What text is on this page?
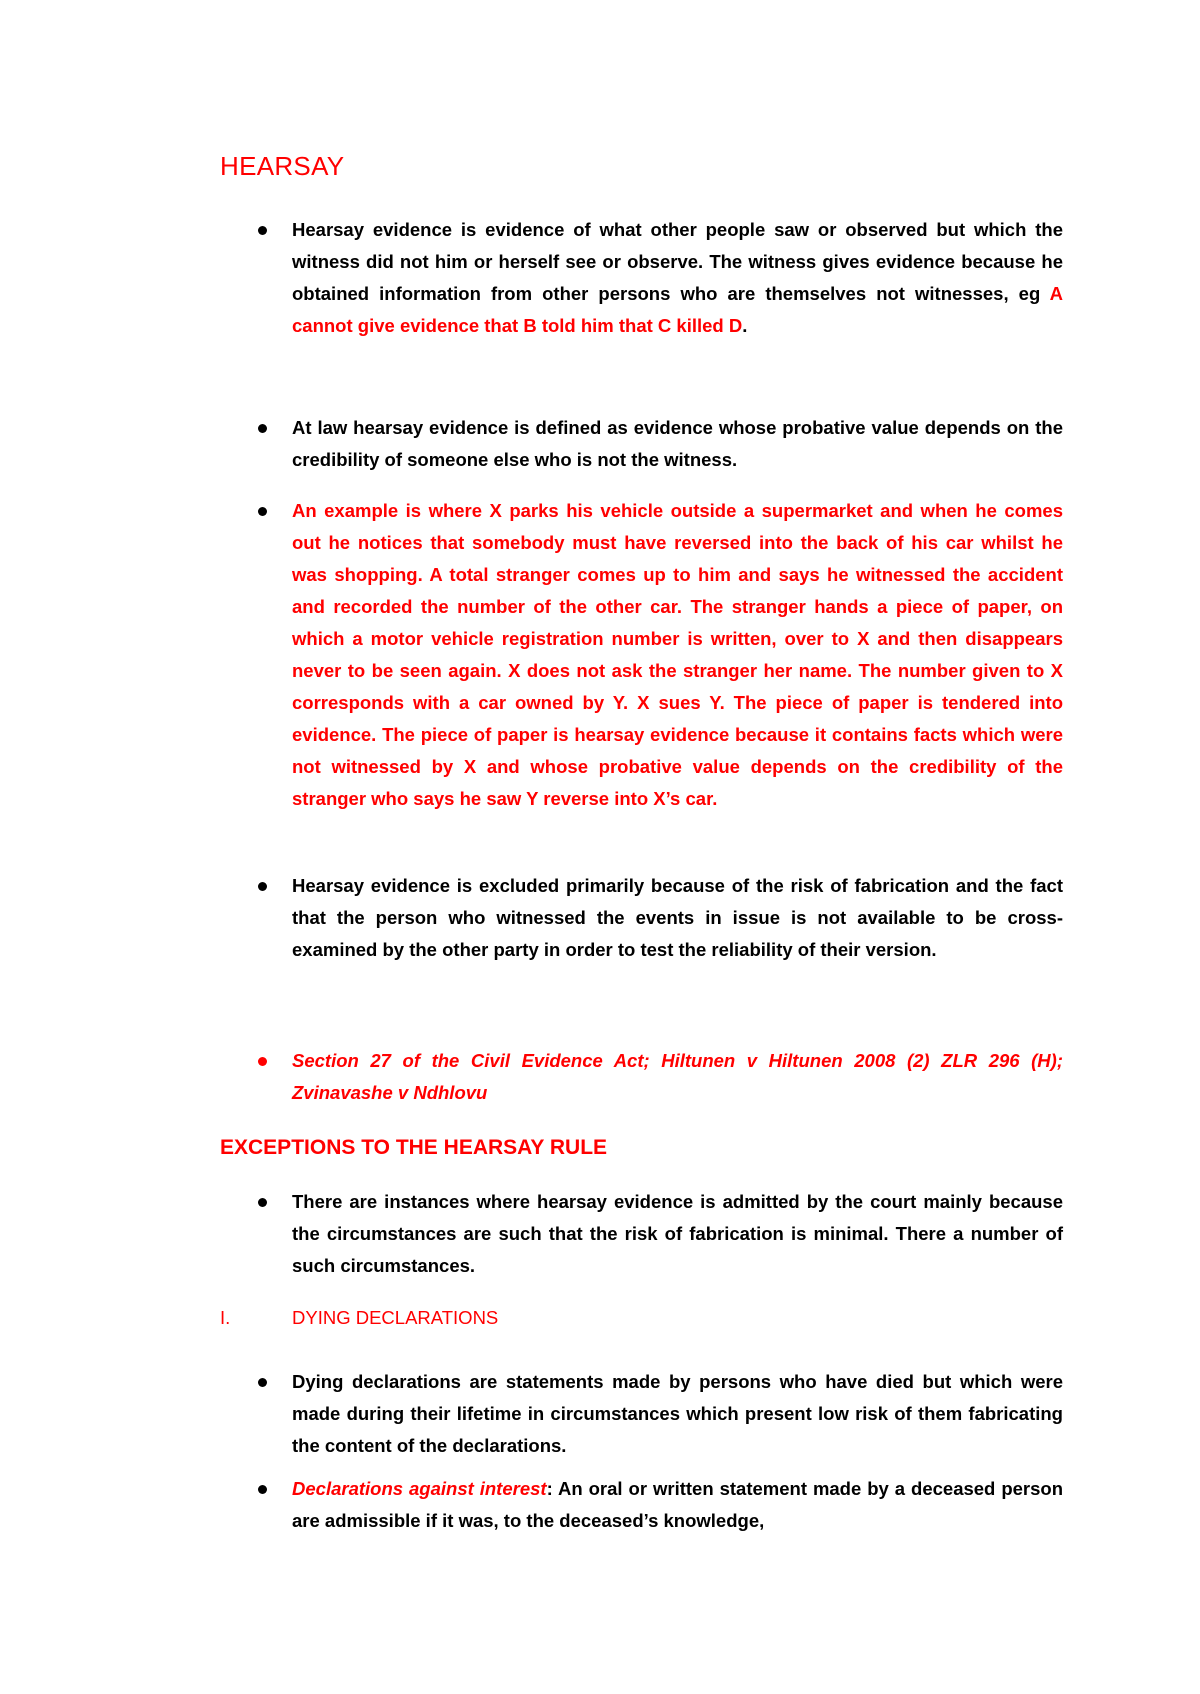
HEARSAY
Hearsay evidence is evidence of what other people saw or observed but which the witness did not him or herself see or observe. The witness gives evidence because he obtained information from other persons who are themselves not witnesses, eg A cannot give evidence that B told him that C killed D.
At law hearsay evidence is defined as evidence whose probative value depends on the credibility of someone else who is not the witness.
An example is where X parks his vehicle outside a supermarket and when he comes out he notices that somebody must have reversed into the back of his car whilst he was shopping. A total stranger comes up to him and says he witnessed the accident and recorded the number of the other car. The stranger hands a piece of paper, on which a motor vehicle registration number is written, over to X and then disappears never to be seen again. X does not ask the stranger her name. The number given to X corresponds with a car owned by Y. X sues Y. The piece of paper is tendered into evidence. The piece of paper is hearsay evidence because it contains facts which were not witnessed by X and whose probative value depends on the credibility of the stranger who says he saw Y reverse into X’s car.
Hearsay evidence is excluded primarily because of the risk of fabrication and the fact that the person who witnessed the events in issue is not available to be cross-examined by the other party in order to test the reliability of their version.
Section 27 of the Civil Evidence Act; Hiltunen v Hiltunen 2008 (2) ZLR 296 (H); Zvinavashe v Ndhlovu
EXCEPTIONS TO THE HEARSAY RULE
There are instances where hearsay evidence is admitted by the court mainly because the circumstances are such that the risk of fabrication is minimal. There a number of such circumstances.
I.	DYING DECLARATIONS
Dying declarations are statements made by persons who have died but which were made during their lifetime in circumstances which present low risk of them fabricating the content of the declarations.
Declarations against interest: An oral or written statement made by a deceased person are admissible if it was, to the deceased’s knowledge,
